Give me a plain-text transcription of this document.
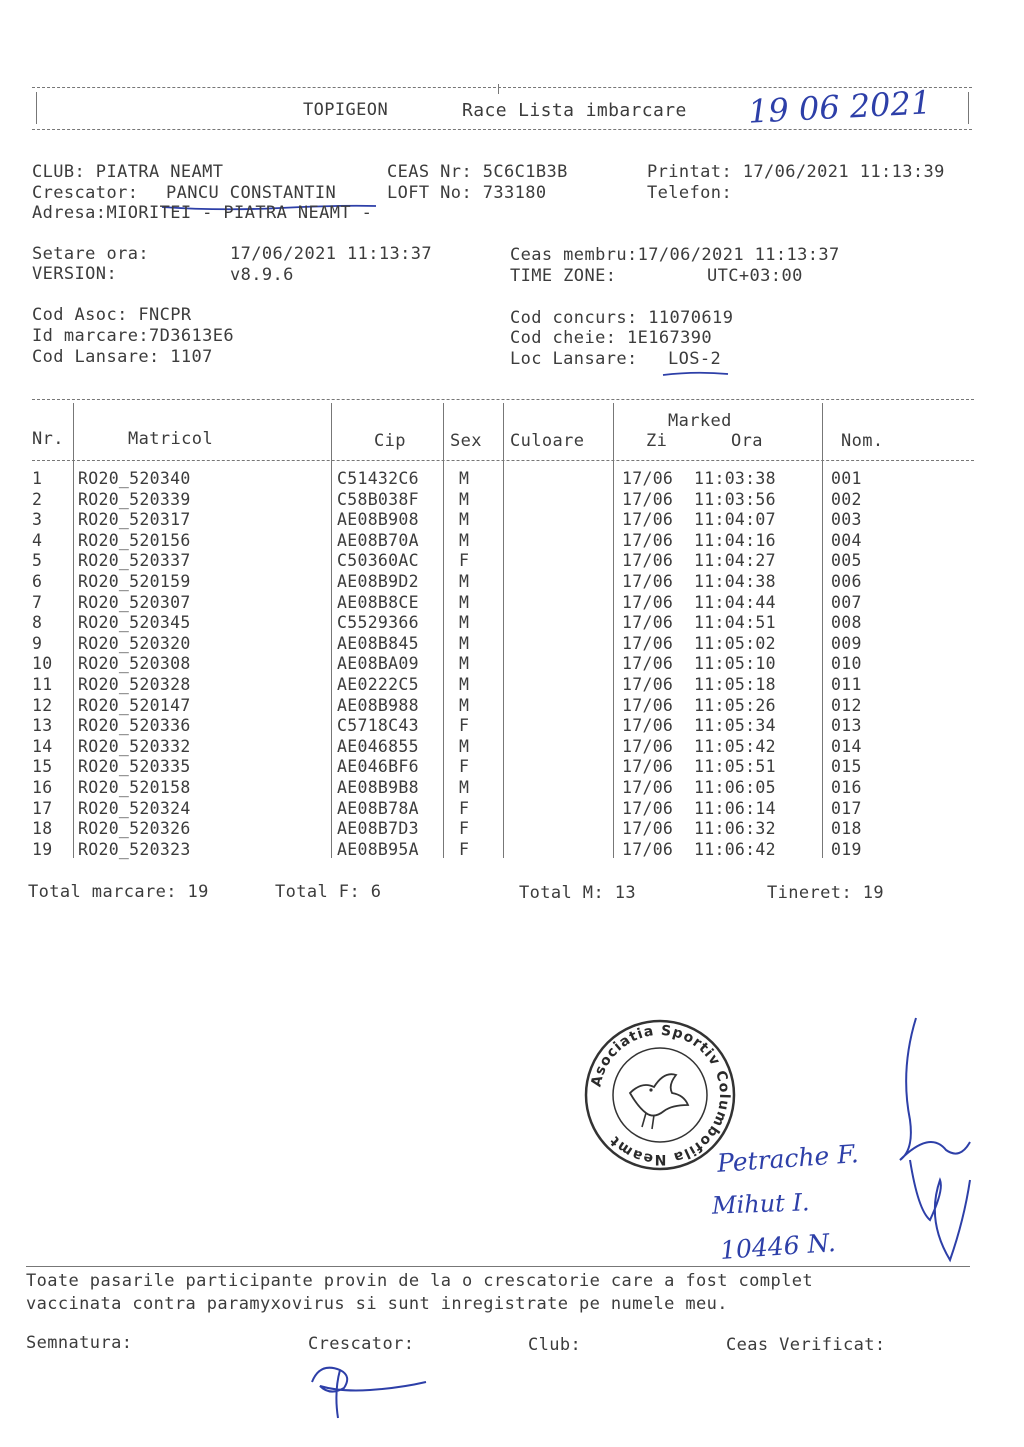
TOPIGEON	Race Lista imbarcare 19 06 2021
CLUB: PIATRA NEAMT	CEAS Nr: 5C6C1B3B	Printat: 17/06/2021 11:13:39
Crescator: PANCU CONSTANTIN	LOFT No: 733180	Telefon:
Adresa:MIORITEI - PIATRA NEAMT -
Setare ora:	17/06/2021 11:13:37	Ceas membru:17/06/2021 11:13:37
VERSION:	v8.9.6	TIME ZONE:	UTC+03:00
Cod Asoc: FNCPR
Id marcare:7D3613E6
Cod Lansare: 1107
Cod concurs: 11070619
Cod cheie: 1E167390
Loc Lansare: LOS-2
Nr.	Matricol	Cip	Sex Culoare
Marked
Zi	Ora	Nom.
1 RO20_520340	C51432C6 M	17/06 11:03:38	001
2 RO20_520339	C58B038F M	17/06 11:03:56	002
3 RO20_520317	AE08B908 M	17/06 11:04:07	003
4 RO20_520156	AE08B70A M	17/06 11:04:16	004
5 RO20_520337	C50360AC F	17/06 11:04:27	005
6 RO20_520159	AE08B9D2 M	17/06 11:04:38	006
7 RO20_520307	AE08B8CE M	17/06 11:04:44	007
8 RO20_520345	C5529366 M	17/06 11:04:51	008
9 RO20_520320	AE08B845 M	17/06 11:05:02	009
10 RO20_520308	AE08BA09 M	17/06 11:05:10	010
11 RO20_520328	AE0222C5 M	17/06 11:05:18	011
12 RO20_520147	AE08B988 M	17/06 11:05:26	012
13 RO20_520336	C5718C43 F	17/06 11:05:34	013
14 RO20_520332	AE046855 M	17/06 11:05:42	014
15 RO20_520335	AE046BF6 F	17/06 11:05:51	015
16 RO20_520158	AE08B9B8 M	17/06 11:06:05	016
17 RO20_520324	AE08B78A F	17/06 11:06:14	017
18 RO20_520326	AE08B7D3 F	17/06 11:06:32	018
19 RO20_520323	AE08B95A F	17/06 11:06:42	019
Total marcare: 19	Total F: 6	Total M: 13	Tineret: 19
Asociatia Sportiv Columbofila Neamt	Petrache F.
Mihut I.
10446 N.
Toate pasarile participante provin de la o crescatorie care a fost complet
vaccinata contra paramyxovirus si sunt inregistrate pe numele meu.
Semnatura:	Crescator:	Club:	Ceas Verificat:
